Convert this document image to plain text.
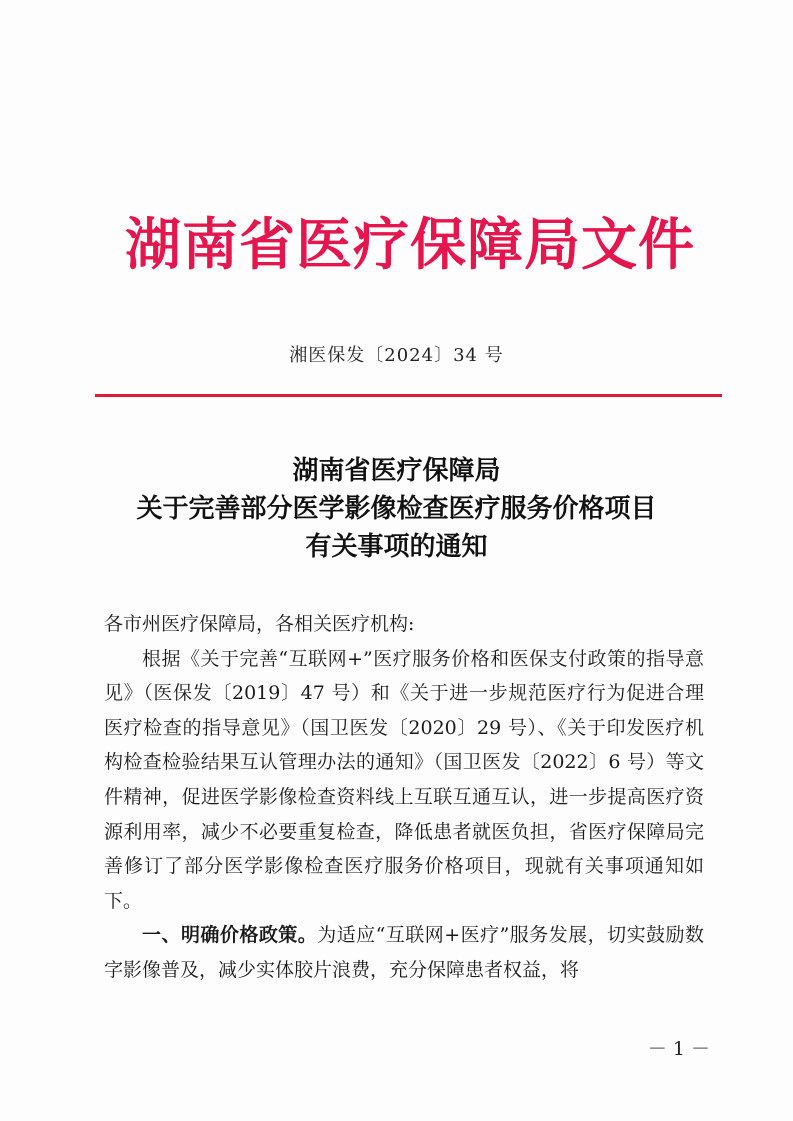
湖南省医疗保障局文件
湘医保发〔2024〕34 号
湖南省医疗保障局
关于完善部分医学影像检查医疗服务价格项目
有关事项的通知

各市州医疗保障局，各相关医疗机构:

根据《关于完善“互联网+”医疗服务价格和医保支付政策的指导意见》（医保发〔2019〕47 号）和《关于进一步规范医疗行为促进合理医疗检查的指导意见》（国卫医发〔2020〕29 号）、《关于印发医疗机构检查检验结果互认管理办法的通知》（国卫医发〔2022〕6 号）等文件精神，促进医学影像检查资料线上互联互通互认，进一步提高医疗资源利用率，减少不必要重复检查，降低患者就医负担，省医疗保障局完善修订了部分医学影像检查医疗服务价格项目，现就有关事项通知如下。

一、明确价格政策。为适应“互联网+医疗”服务发展，切实鼓励数字影像普及，减少实体胶片浪费，充分保障患者权益，将

－ 1 －
